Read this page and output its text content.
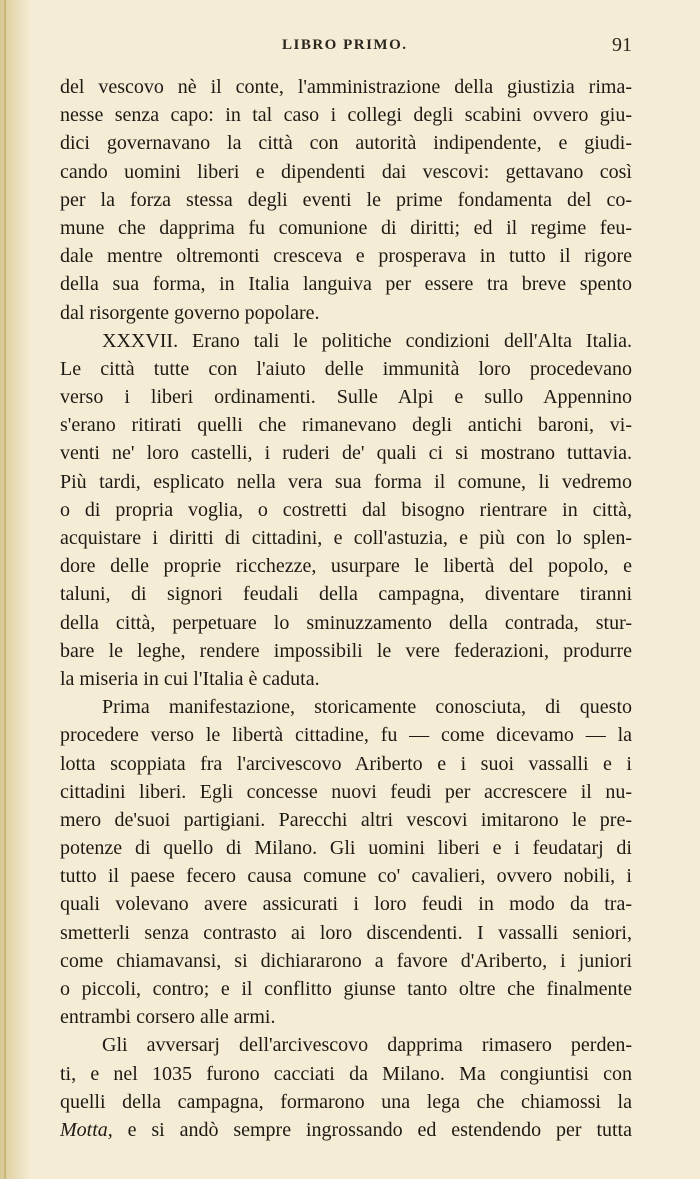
LIBRO PRIMO.	91
del vescovo nè il conte, l'amministrazione della giustizia rima-
nesse senza capo: in tal caso i collegi degli scabini ovvero giu-
dici governavano la città con autorità indipendente, e giudi-
cando uomini liberi e dipendenti dai vescovi: gettavano così
per la forza stessa degli eventi le prime fondamenta del co-
mune che dapprima fu comunione di diritti; ed il regime feu-
dale mentre oltremonti cresceva e prosperava in tutto il rigore
della sua forma, in Italia languiva per essere tra breve spento
dal risorgente governo popolare.
XXXVII. Erano tali le politiche condizioni dell'Alta Italia.
Le città tutte con l'aiuto delle immunità loro procedevano
verso i liberi ordinamenti. Sulle Alpi e sullo Appennino
s'erano ritirati quelli che rimanevano degli antichi baroni, vi-
venti ne' loro castelli, i ruderi de' quali ci si mostrano tuttavia.
Più tardi, esplicato nella vera sua forma il comune, li vedremo
o di propria voglia, o costretti dal bisogno rientrare in città,
acquistare i diritti di cittadini, e coll'astuzia, e più con lo splen-
dore delle proprie ricchezze, usurpare le libertà del popolo, e
taluni, di signori feudali della campagna, diventare tiranni
della città, perpetuare lo sminuzzamento della contrada, stur-
bare le leghe, rendere impossibili le vere federazioni, produrre
la miseria in cui l'Italia è caduta.
Prima manifestazione, storicamente conosciuta, di questo
procedere verso le libertà cittadine, fu — come dicevamo — la
lotta scoppiata fra l'arcivescovo Ariberto e i suoi vassalli e i
cittadini liberi. Egli concesse nuovi feudi per accrescere il nu-
mero de'suoi partigiani. Parecchi altri vescovi imitarono le pre-
potenze di quello di Milano. Gli uomini liberi e i feudatarj di
tutto il paese fecero causa comune co' cavalieri, ovvero nobili, i
quali volevano avere assicurati i loro feudi in modo da tra-
smetterli senza contrasto ai loro discendenti. I vassalli seniori,
come chiamavansi, si dichiararono a favore d'Ariberto, i juniori
o piccoli, contro; e il conflitto giunse tanto oltre che finalmente
entrambi corsero alle armi.
Gli avversarj dell'arcivescovo dapprima rimasero perden-
ti, e nel 1035 furono cacciati da Milano. Ma congiuntisi con
quelli della campagna, formarono una lega che chiamossi la
Motta, e si andò sempre ingrossando ed estendendo per tutta
